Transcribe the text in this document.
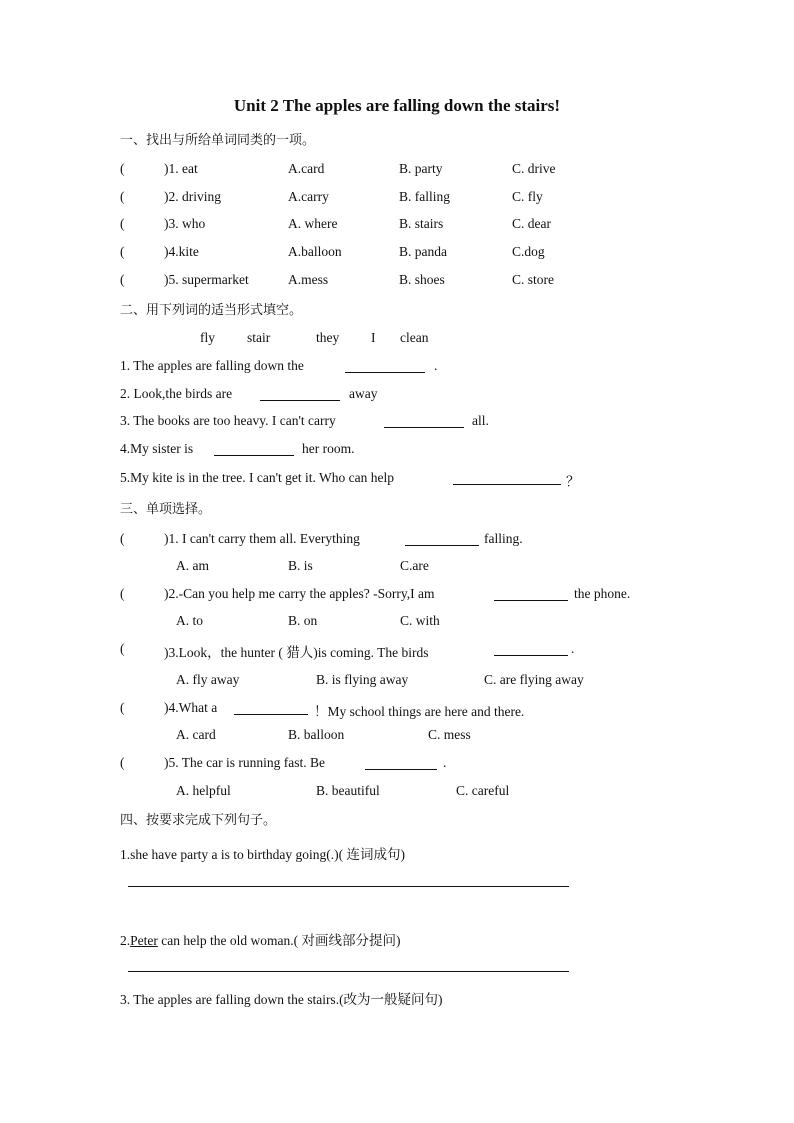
Unit 2 The apples are falling down the stairs!
一、找出与所给单词同类的一项。
(	)1. eat	A.card	B. party	C. drive
(	)2. driving	A.carry	B. falling	C. fly
(	)3. who	A. where	B. stairs	C. dear
(	)4.kite	A.balloon	B. panda	C.dog
(	)5. supermarket	A.mess	B. shoes	C. store
二、用下列词的适当形式填空。
fly stair	they I clean
1. The apples are falling down the	.
2. Look,the birds are	away
3. The books are too heavy. I can't carry	all.
4.My sister is	her room.
5.My kite is in the tree. I can't get it. Who can help	？
三、单项选择。
(	)1. I can't carry them all. Everything	falling.
A. am	B. is	C.are
(	)2.-Can you help me carry the apples? -Sorry,I am	the phone.
A. to	B. on	C. with
(	)3.Look，the hunter ( 猎人)is coming. The birds	.
A. fly away	B. is flying away	C. are flying away
(	)4.What a	！My school things are here and there.
A. card	B. balloon	C. mess
(	)5. The car is running fast. Be	.
A. helpful	B. beautiful	C. careful
四、按要求完成下列句子。
1.she have party a is to birthday going(.)( 连词成句)
2.Peter can help the old woman.( 对画线部分提问)
3. The apples are falling down the stairs.(改为一般疑问句)
